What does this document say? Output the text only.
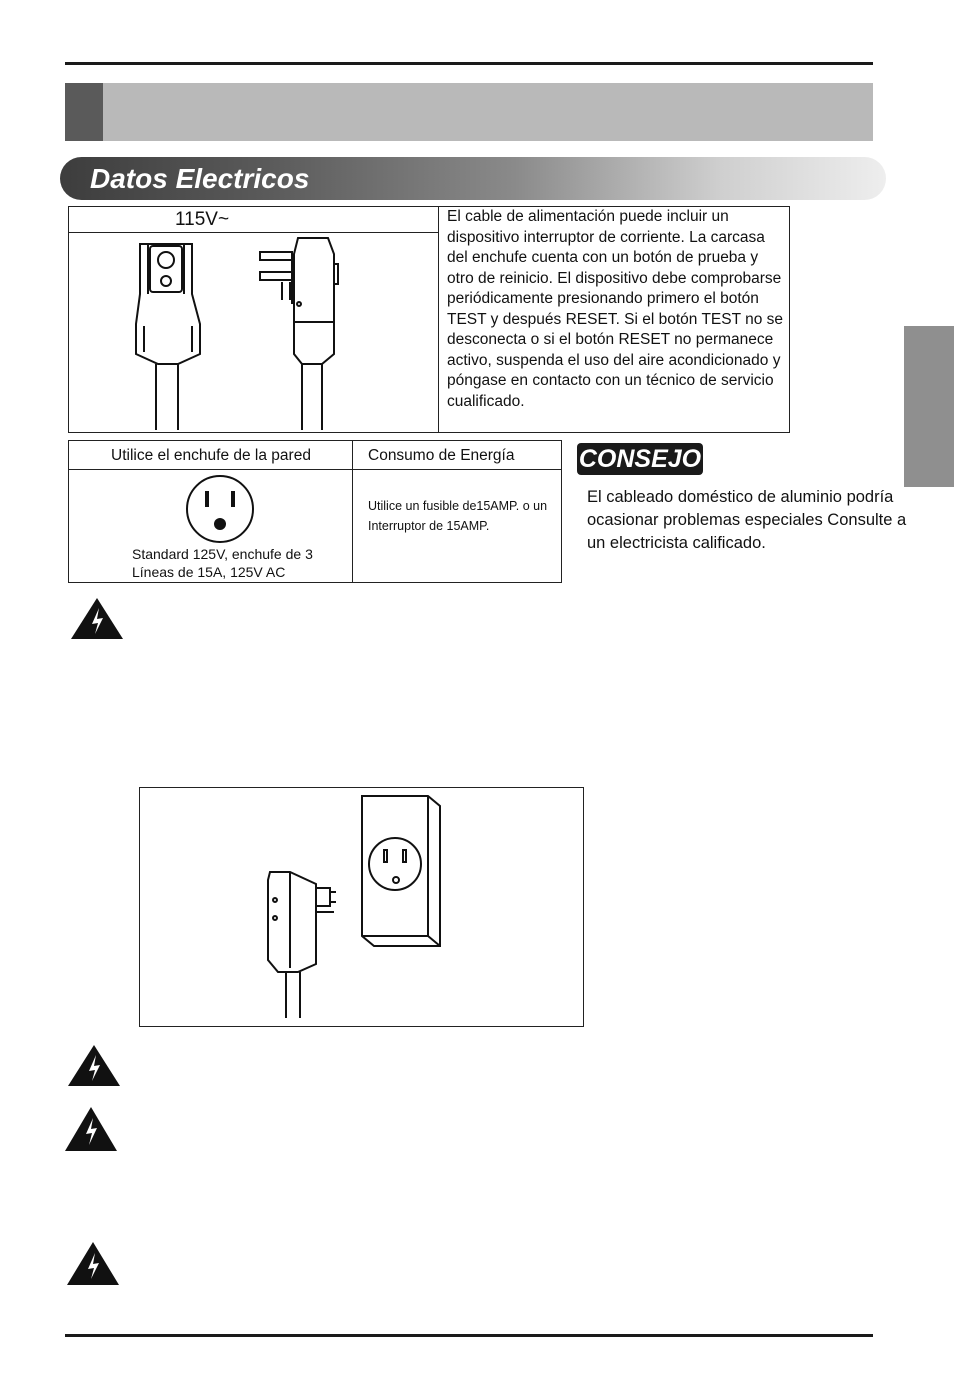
Datos Electricos
115V~	El cable de alimentación puede incluir un dispositivo interruptor de corriente. La carcasa del enchufe cuenta con un botón de prueba y otro de reinicio. El dispositivo debe comprobarse periódicamente presionando primero el botón TEST y después RESET. Si el botón TEST no se desconecta o si el botón RESET no permanece activo, suspenda el uso del aire acondicionado y póngase en contacto con un técnico de servicio cualificado.
Utilice el enchufe de la pared	Consumo de Energía
Standard 125V, enchufe de 3 Líneas de 15A, 125V AC
Utilice un fusible de15AMP. o un Interruptor de 15AMP.
CONSEJO
El cableado doméstico de aluminio podría ocasionar problemas especiales Consulte a un electricista calificado.
